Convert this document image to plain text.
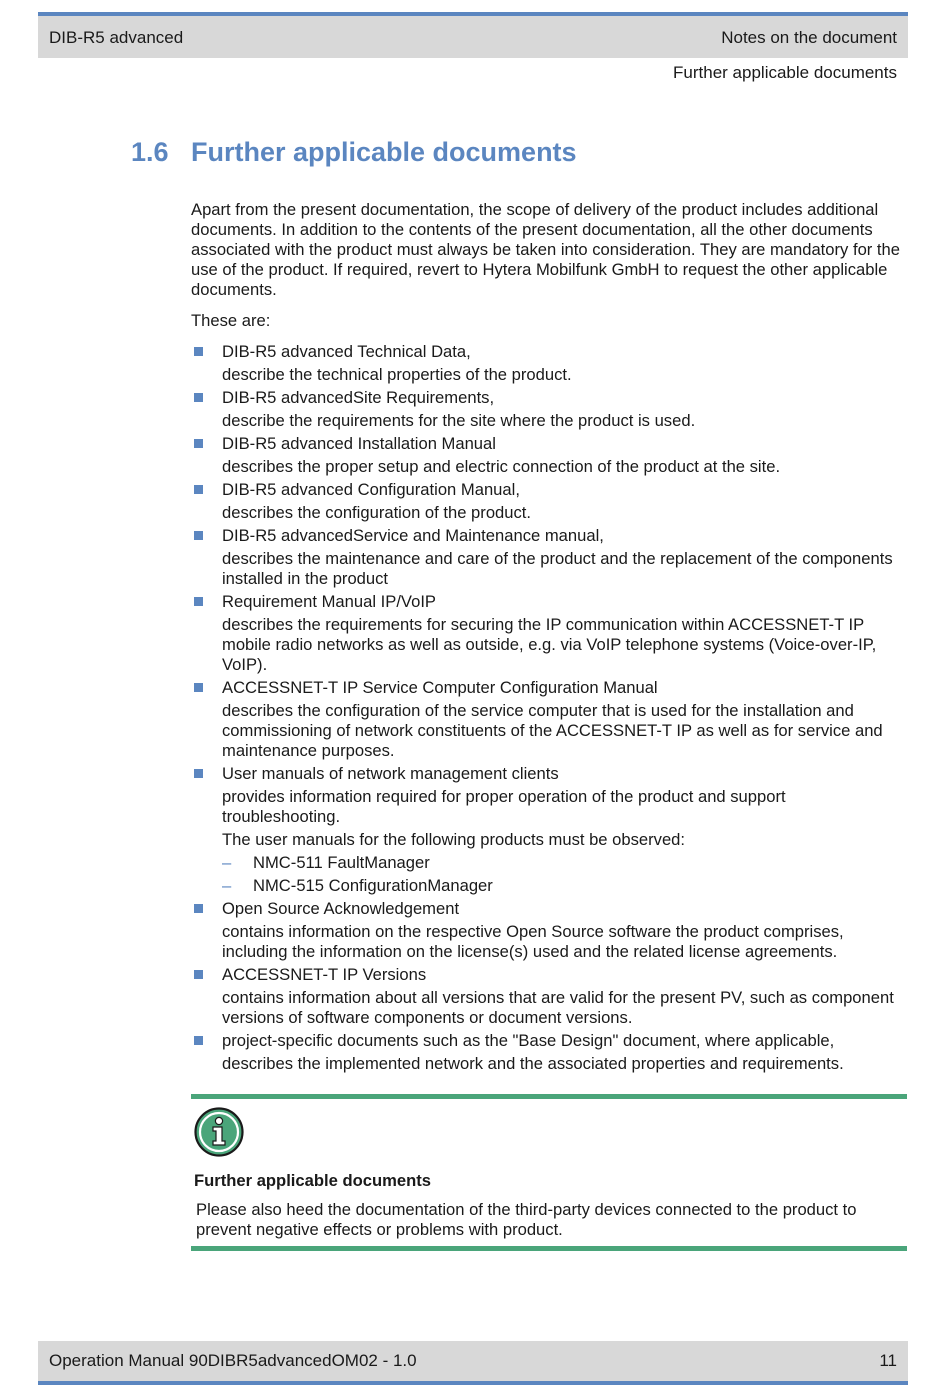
DIB-R5 advanced	Notes on the document
Further applicable documents
1.6 Further applicable documents

Apart from the present documentation, the scope of delivery of the product includes additional documents. In addition to the contents of the present documentation, all the other documents associated with the product must always be taken into consideration. They are mandatory for the use of the product. If required, revert to Hytera Mobilfunk GmbH to request the other applicable documents.

These are:

DIB-R5 advanced Technical Data,
describe the technical properties of the product.
DIB-R5 advancedSite Requirements,
describe the requirements for the site where the product is used.
DIB-R5 advanced Installation Manual
describes the proper setup and electric connection of the product at the site.
DIB-R5 advanced Configuration Manual,
describes the configuration of the product.
DIB-R5 advancedService and Maintenance manual,
describes the maintenance and care of the product and the replacement of the components installed in the product
Requirement Manual IP/VoIP
describes the requirements for securing the IP communication within ACCESSNET-T IP mobile radio networks as well as outside, e.g. via VoIP telephone systems (Voice-over-IP, VoIP).
ACCESSNET-T IP Service Computer Configuration Manual
describes the configuration of the service computer that is used for the installation and commissioning of network constituents of the ACCESSNET-T IP as well as for service and maintenance purposes.
User manuals of network management clients
provides information required for proper operation of the product and support troubleshooting.
The user manuals for the following products must be observed:
– NMC-511 FaultManager
– NMC-515 ConfigurationManager
Open Source Acknowledgement
contains information on the respective Open Source software the product comprises, including the information on the license(s) used and the related license agreements.
ACCESSNET-T IP Versions
contains information about all versions that are valid for the present PV, such as component versions of software components or document versions.
project-specific documents such as the "Base Design" document, where applicable,
describes the implemented network and the associated properties and requirements.
Further applicable documents
Please also heed the documentation of the third-party devices connected to the product to prevent negative effects or problems with product.
Operation Manual 90DIBR5advancedOM02 - 1.0	11
